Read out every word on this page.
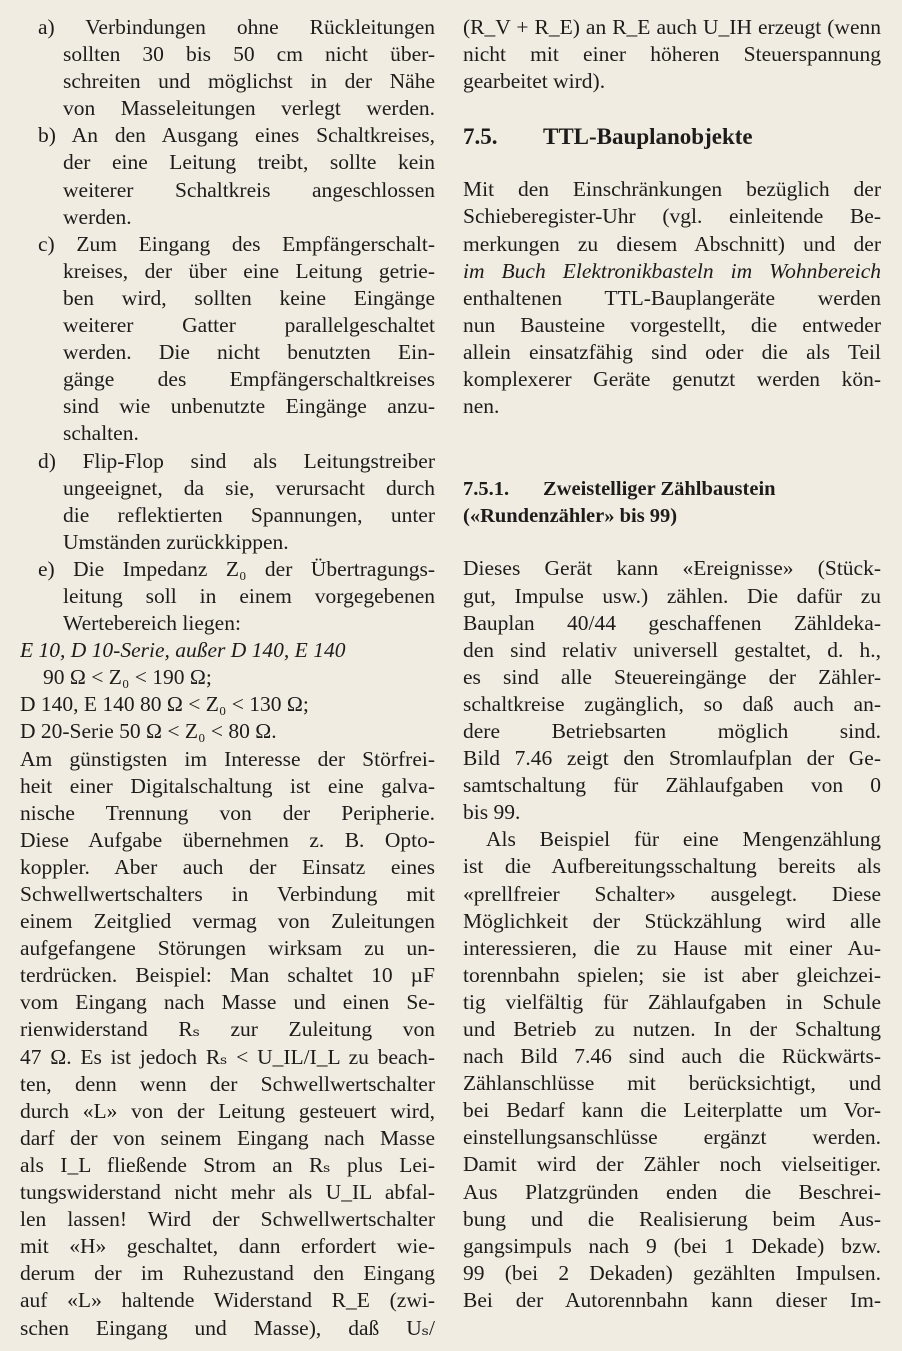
a) Verbindungen ohne Rückleitungen
sollten 30 bis 50 cm nicht über-
schreiten und möglichst in der Nähe
von Masseleitungen verlegt werden.
b) An den Ausgang eines Schaltkreises,
der eine Leitung treibt, sollte kein
weiterer Schaltkreis angeschlossen
werden.
c) Zum Eingang des Empfängerschalt-
kreises, der über eine Leitung getrie-
ben wird, sollten keine Eingänge
weiterer Gatter parallelgeschaltet
werden. Die nicht benutzten Ein-
gänge des Empfängerschaltkreises
sind wie unbenutzte Eingänge anzu-
schalten.
d) Flip-Flop sind als Leitungstreiber
ungeeignet, da sie, verursacht durch
die reflektierten Spannungen, unter
Umständen zurückkippen.
e) Die Impedanz Z₀ der Übertragungs-
leitung soll in einem vorgegebenen
Wertebereich liegen:
E 10, D 10-Serie, außer D 140, E 140
90 Ω < Z₀ < 190 Ω;
D 140, E 140 80 Ω < Z₀ < 130 Ω;
D 20-Serie 50 Ω < Z₀ < 80 Ω.
Am günstigsten im Interesse der Störfrei-
heit einer Digitalschaltung ist eine galva-
nische Trennung von der Peripherie.
Diese Aufgabe übernehmen z. B. Opto-
koppler. Aber auch der Einsatz eines
Schwellwertschalters in Verbindung mit
einem Zeitglied vermag von Zuleitungen
aufgefangene Störungen wirksam zu un-
terdrücken. Beispiel: Man schaltet 10 µF
vom Eingang nach Masse und einen Se-
rienwiderstand Rₛ zur Zuleitung von
47 Ω. Es ist jedoch Rₛ < U_IL/I_L zu beach-
ten, denn wenn der Schwellwertschalter
durch «L» von der Leitung gesteuert wird,
darf der von seinem Eingang nach Masse
als I_L fließende Strom an Rₛ plus Lei-
tungswiderstand nicht mehr als U_IL abfal-
len lassen! Wird der Schwellwertschalter
mit «H» geschaltet, dann erfordert wie-
derum der im Ruhezustand den Eingang
auf «L» haltende Widerstand R_E (zwi-
schen Eingang und Masse), daß Uₛ/
(R_V + R_E) an R_E auch U_IH erzeugt (wenn
nicht mit einer höheren Steuerspannung
gearbeitet wird).
7.5. TTL-Bauplanobjekte
Mit den Einschränkungen bezüglich der
Schieberegister-Uhr (vgl. einleitende Be-
merkungen zu diesem Abschnitt) und der
im Buch Elektronikbasteln im Wohnbereich
enthaltenen TTL-Bauplangeräte werden
nun Bausteine vorgestellt, die entweder
allein einsatzfähig sind oder die als Teil
komplexerer Geräte genutzt werden kön-
nen.
7.5.1. Zweistelliger Zählbaustein
(«Rundenzähler» bis 99)
Dieses Gerät kann «Ereignisse» (Stück-
gut, Impulse usw.) zählen. Die dafür zu
Bauplan 40/44 geschaffenen Zähldeka-
den sind relativ universell gestaltet, d. h.,
es sind alle Steuereingänge der Zähler-
schaltkreise zugänglich, so daß auch an-
dere Betriebsarten möglich sind.
Bild 7.46 zeigt den Stromlaufplan der Ge-
samtschaltung für Zählaufgaben von 0
bis 99.
Als Beispiel für eine Mengenzählung
ist die Aufbereitungsschaltung bereits als
«prellfreier Schalter» ausgelegt. Diese
Möglichkeit der Stückzählung wird alle
interessieren, die zu Hause mit einer Au-
torennbahn spielen; sie ist aber gleichzei-
tig vielfältig für Zählaufgaben in Schule
und Betrieb zu nutzen. In der Schaltung
nach Bild 7.46 sind auch die Rückwärts-
Zählanschlüsse mit berücksichtigt, und
bei Bedarf kann die Leiterplatte um Vor-
einstellungsanschlüsse ergänzt werden.
Damit wird der Zähler noch vielseitiger.
Aus Platzgründen enden die Beschrei-
bung und die Realisierung beim Aus-
gangsimpuls nach 9 (bei 1 Dekade) bzw.
99 (bei 2 Dekaden) gezählten Impulsen.
Bei der Autorennbahn kann dieser Im-
